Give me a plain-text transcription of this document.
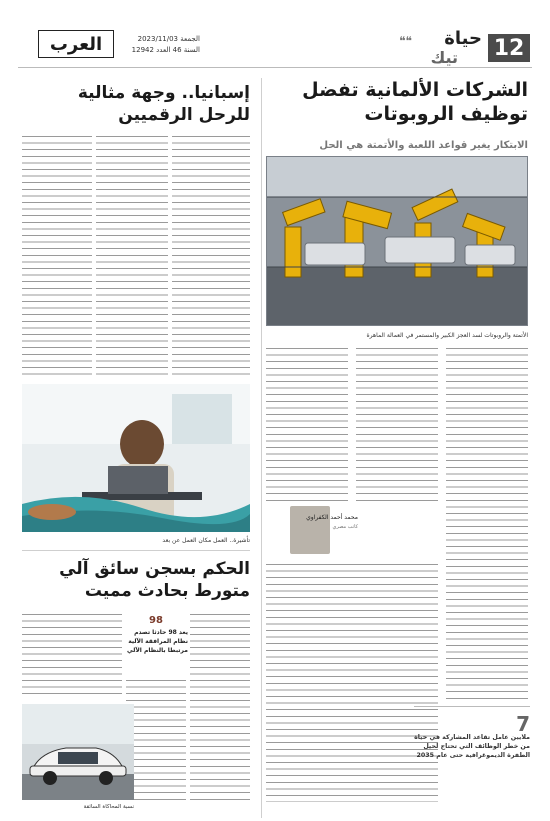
12
حياة
تيك
❝❝
الجمعة 2023/11/03
السنة 46 العدد 12942
العرب
الشركات الألمانية تفضل توظيف الروبوتات
الابتكار يغير قواعد اللعبة والأتمتة هي الحل
الأتمتة والروبوتات لسد العجز الكبير والمستمر في العمالة الماهرة
محمد أحمد الكفراوي
كاتب مصري
7
ملايين عامل تقاعد المشاركة في حياة من خطر الوظائف التي تحتاج لحيل الطفرة الديموغرافية حتى عام 2035
إسبانيا.. وجهة مثالية للرحل الرقميين
تأشيرة.. العمل مكان العمل عن بعد
الحكم بسجن سائق آلي متورط بحادث مميت
98
يعد 98 حادثا تصدم نظام المرافقة الآلية مرتبطا بالنظام الآلي
نسبة المحاكاة السائقة
